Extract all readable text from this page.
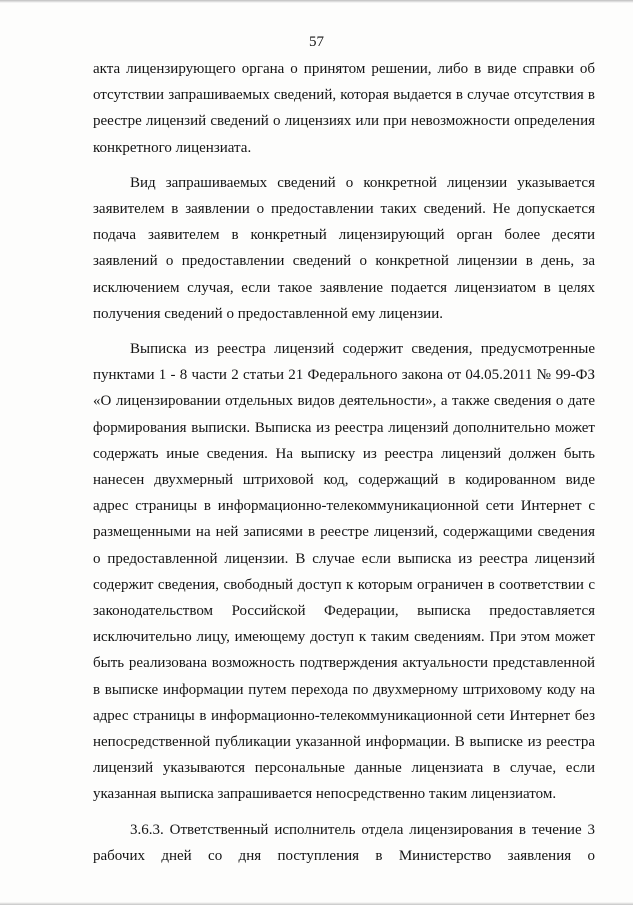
57
акта лицензирующего органа о принятом решении, либо в виде справки об
отсутствии запрашиваемых сведений, которая выдается в случае отсутствия в
реестре лицензий сведений о лицензиях или при невозможности определения
конкретного лицензиата.
Вид запрашиваемых сведений о конкретной лицензии указывается
заявителем в заявлении о предоставлении таких сведений. Не допускается
подача заявителем в конкретный лицензирующий орган более десяти
заявлений о предоставлении сведений о конкретной лицензии в день, за
исключением случая, если такое заявление подается лицензиатом в целях
получения сведений о предоставленной ему лицензии.
Выписка из реестра лицензий содержит сведения, предусмотренные
пунктами 1 - 8 части 2 статьи 21 Федерального закона от 04.05.2011 № 99-ФЗ
«О лицензировании отдельных видов деятельности», а также сведения о дате
формирования выписки. Выписка из реестра лицензий дополнительно может
содержать иные сведения. На выписку из реестра лицензий должен быть
нанесен двухмерный штриховой код, содержащий в кодированном виде
адрес страницы в информационно-телекоммуникационной сети Интернет с
размещенными на ней записями в реестре лицензий, содержащими сведения
о предоставленной лицензии. В случае если выписка из реестра лицензий
содержит сведения, свободный доступ к которым ограничен в соответствии с
законодательством Российской Федерации, выписка предоставляется
исключительно лицу, имеющему доступ к таким сведениям. При этом может
быть реализована возможность подтверждения актуальности представленной
в выписке информации путем перехода по двухмерному штриховому коду на
адрес страницы в информационно-телекоммуникационной сети Интернет без
непосредственной публикации указанной информации. В выписке из реестра
лицензий указываются персональные данные лицензиата в случае, если
указанная выписка запрашивается непосредственно таким лицензиатом.
3.6.3. Ответственный исполнитель отдела лицензирования в течение 3
рабочих дней со дня поступления в Министерство заявления о
